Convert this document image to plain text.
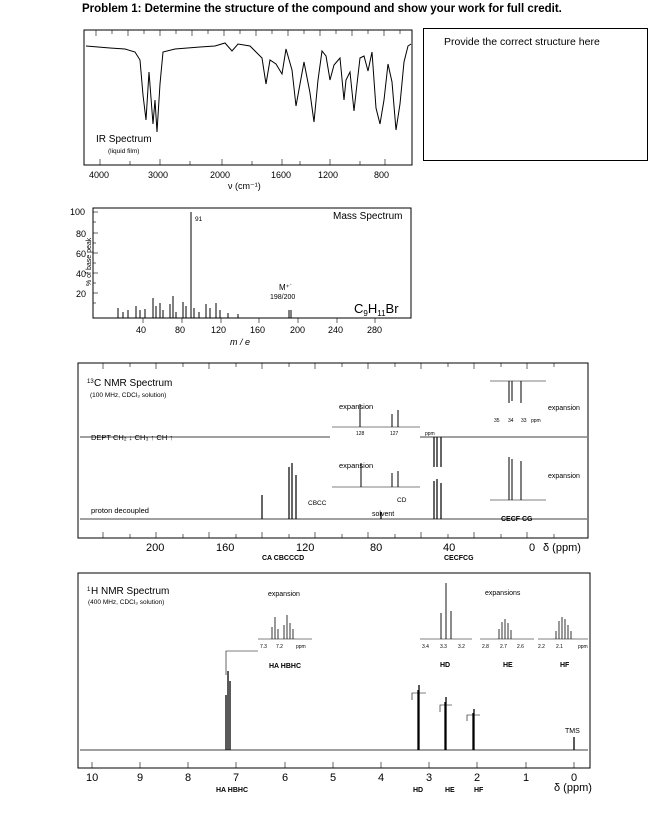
Problem 1: Determine the structure of the compound and show your work for full credit.
Provide the correct structure here
IR Spectrum
(liquid film)
4000	3000	2000	1600	1200	800
ν (cm⁻¹)
100
80
60
40
20
% of base peak
91	Mass Spectrum
M⁺˙
198/200
$C_9H_{11}Br$
40	80	120	160	200	240	280
m / e
13 C NMR Spectrum
(100 MHz, CDCl₃ solution)
DEPT CH₂ ↓ CH₃ ↑ CH ↑
proton decoupled
expansion
128	127	ppm
expansion
CBCC	CD
solvent
expansion
35 34 33 ppm
expansion
CECF CG
200	160	120	80	40	0 δ (ppm)
CA CBCCCD	CECFCG
1 H NMR Spectrum
(400 MHz, CDCl₃ solution)
expansion
7.3 7.2	ppm
HA HBHC
expansions
3.4 3.3 3.2
HD
2.8 2.7 2.6
HE
2.2 2.1	ppm
HF
TMS
10	9	8	7	6	5	4	3	2	1	0
δ (ppm)
HA HBHC	HD	HE	HF
